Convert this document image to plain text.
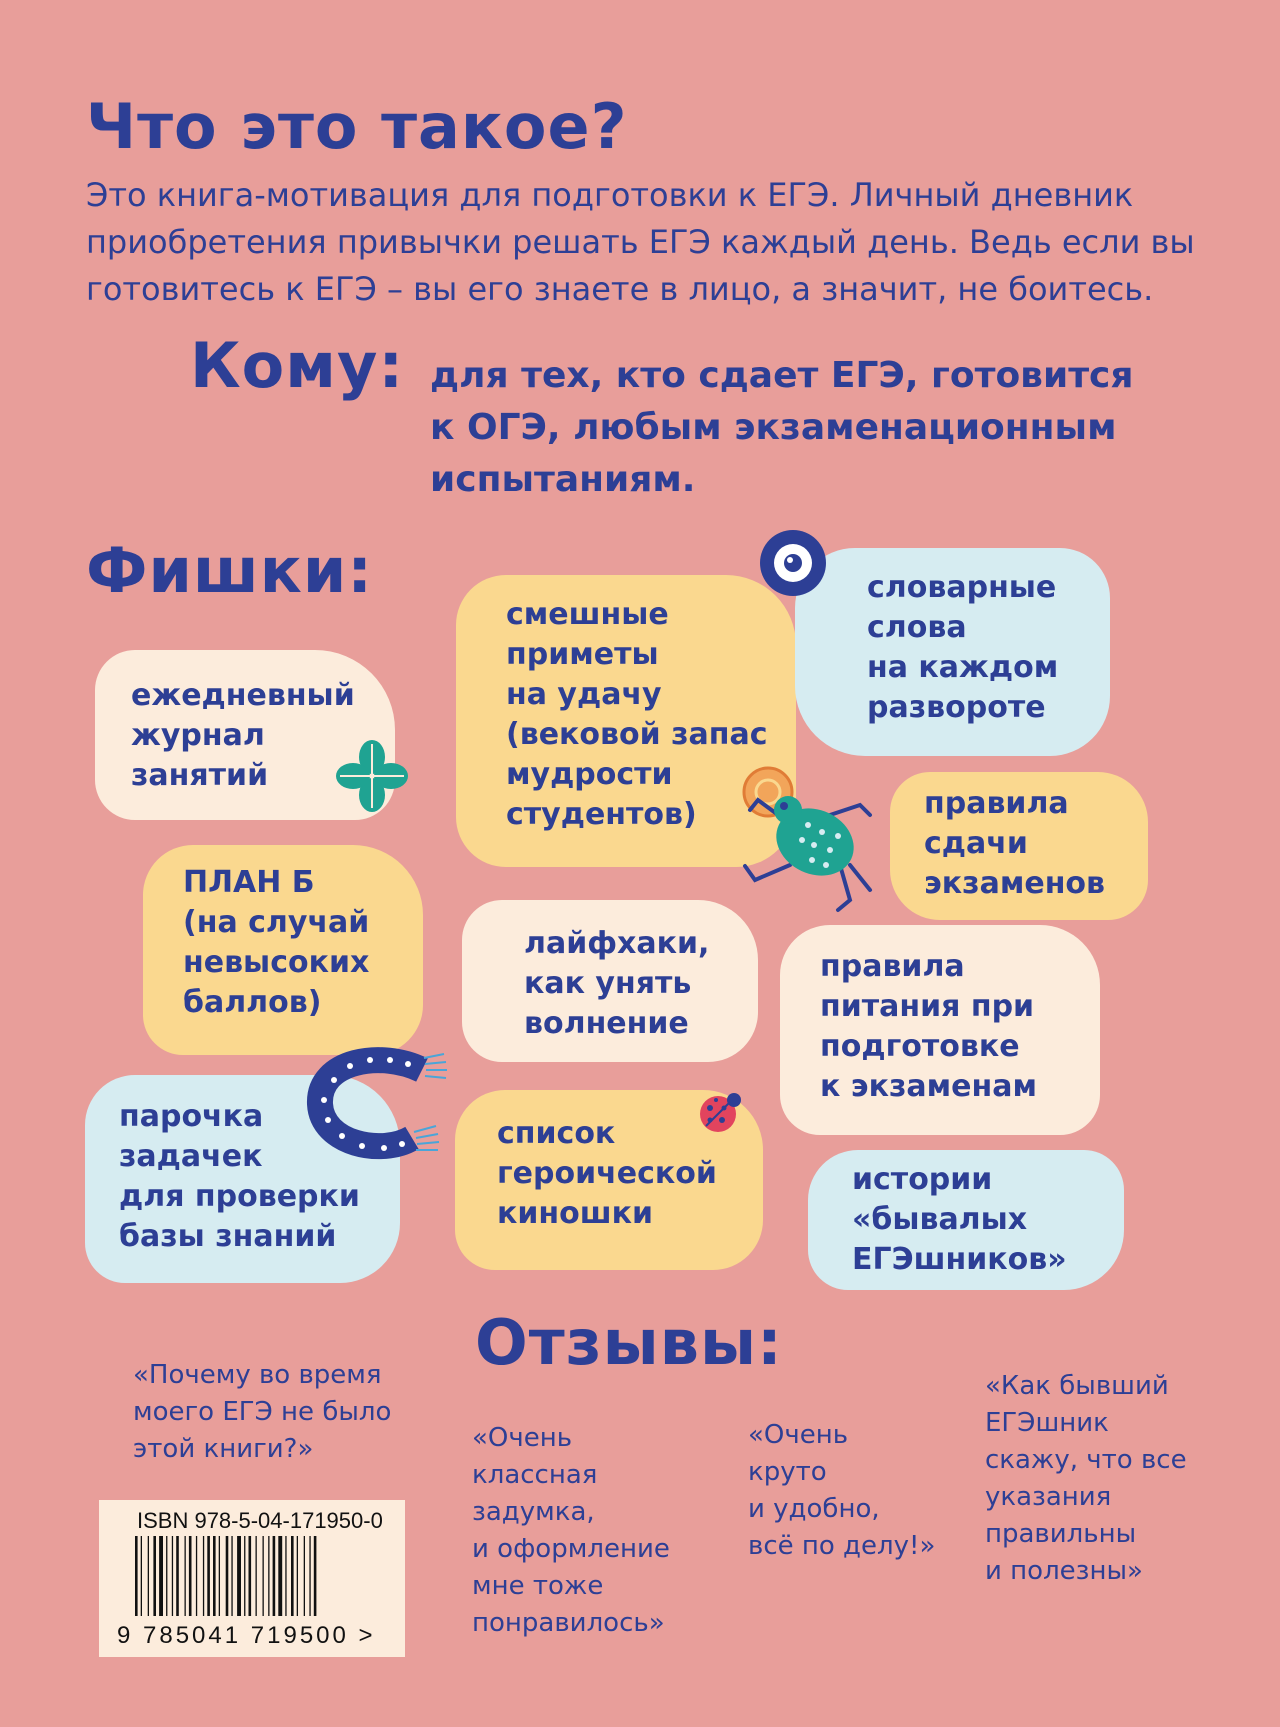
Что это такое?
Это книга-мотивация для подготовки к ЕГЭ. Личный дневник приобретения привычки решать ЕГЭ каждый день. Ведь если вы готовитесь к ЕГЭ – вы его знаете в лицо, а значит, не боитесь.
Кому: для тех, кто сдает ЕГЭ, готовится к ОГЭ, любым экзаменационным испытаниям.
Фишки:
ежедневный
журнал
занятий
смешные
приметы
на удачу
(вековой запас
мудрости
студентов)
словарные
слова
на каждом
развороте
правила
сдачи
экзаменов
ПЛАН Б
(на случай
невысоких
баллов)
лайфхаки,
как унять
волнение
правила
питания при
подготовке
к экзаменам
парочка
задачек
для проверки
базы знаний
список
героической
киношки
истории
«бывалых
ЕГЭшников»
Отзывы:
«Почему во время
моего ЕГЭ не было
этой книги?»	«Очень
классная
задумка,
и оформление
мне тоже
понравилось»
«Очень
круто
и удобно,
всё по делу!»
«Как бывший
ЕГЭшник
скажу, что все
указания
правильны
и полезны»
ISBN 978-5-04-171950-0
9 785041 719500 >
